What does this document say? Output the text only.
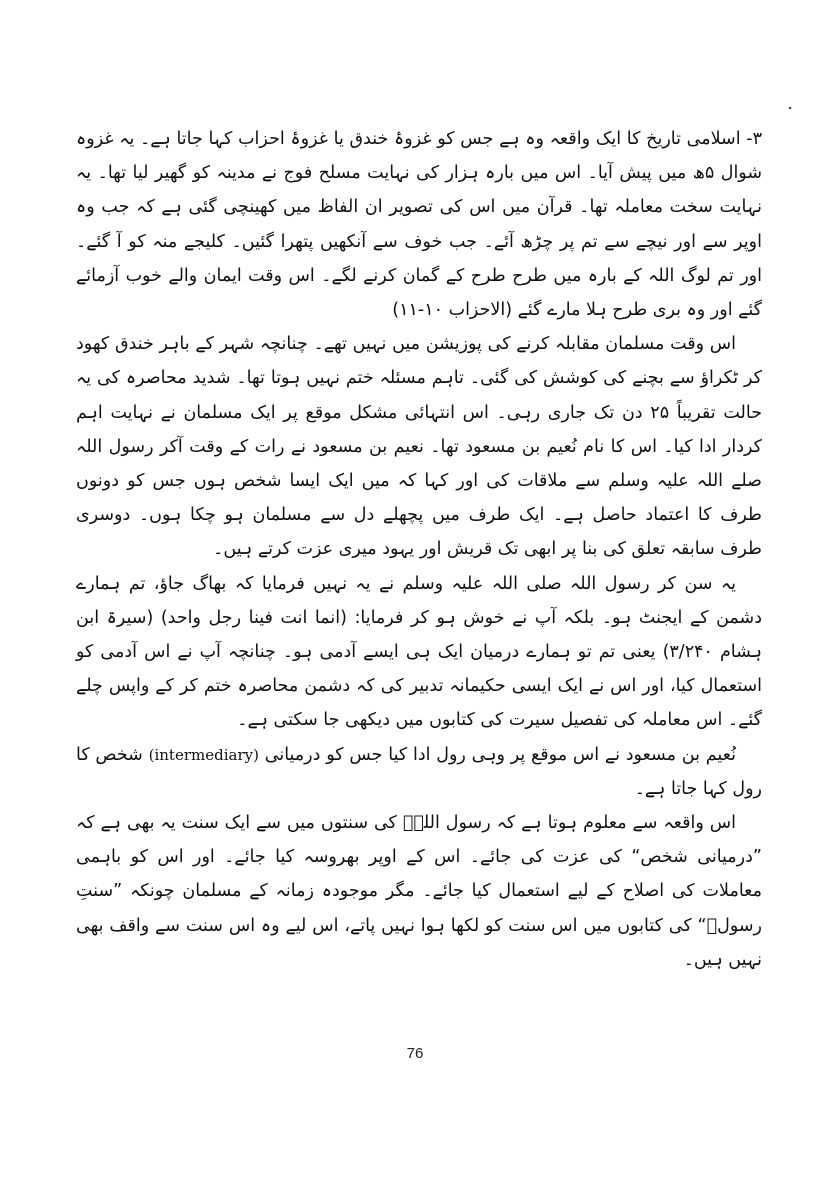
۳- اسلامی تاریخ کا ایک واقعہ وہ ہے جس کو غزوۂ خندق یا غزوۂ احزاب کہا جاتا ہے۔ یہ غزوہ شوال ۵ھ میں پیش آیا۔ اس میں بارہ ہزار کی نہایت مسلح فوج نے مدینہ کو گھیر لیا تھا۔ یہ نہایت سخت معاملہ تھا۔ قرآن میں اس کی تصویر ان الفاظ میں کھینچی گئی ہے کہ جب وہ اوپر سے اور نیچے سے تم پر چڑھ آئے۔ جب خوف سے آنکھیں پتھرا گئیں۔ کلیجے منہ کو آ گئے۔ اور تم لوگ اللہ کے بارہ میں طرح طرح کے گمان کرنے لگے۔ اس وقت ایمان والے خوب آزمائے گئے اور وہ بری طرح ہلا مارے گئے (الاحزاب ۱۰-۱۱)

اس وقت مسلمان مقابلہ کرنے کی پوزیشن میں نہیں تھے۔ چنانچہ شہر کے باہر خندق کھود کر ٹکراؤ سے بچنے کی کوشش کی گئی۔ تاہم مسئلہ ختم نہیں ہوتا تھا۔ شدید محاصرہ کی یہ حالت تقریباً ۲۵ دن تک جاری رہی۔ اس انتہائی مشکل موقع پر ایک مسلمان نے نہایت اہم کردار ادا کیا۔ اس کا نام نُعیم بن مسعود تھا۔ نعیم بن مسعود نے رات کے وقت آکر رسول اللہ صلے اللہ علیہ وسلم سے ملاقات کی اور کہا کہ میں ایک ایسا شخص ہوں جس کو دونوں طرف کا اعتماد حاصل ہے۔ ایک طرف میں پچھلے دل سے مسلمان ہو چکا ہوں۔ دوسری طرف سابقہ تعلق کی بنا پر ابھی تک قریش اور یہود میری عزت کرتے ہیں۔

یہ سن کر رسول اللہ صلی اللہ علیہ وسلم نے یہ نہیں فرمایا کہ بھاگ جاؤ، تم ہمارے دشمن کے ایجنٹ ہو۔ بلکہ آپ نے خوش ہو کر فرمایا: (انما انت فینا رجل واحد) (سیرۃ ابن ہشام ۳/۲۴۰) یعنی تم تو ہمارے درمیان ایک ہی ایسے آدمی ہو۔ چنانچہ آپ نے اس آدمی کو استعمال کیا، اور اس نے ایک ایسی حکیمانہ تدبیر کی کہ دشمن محاصرہ ختم کر کے واپس چلے گئے۔ اس معاملہ کی تفصیل سیرت کی کتابوں میں دیکھی جا سکتی ہے۔

نُعیم بن مسعود نے اس موقع پر وہی رول ادا کیا جس کو درمیانی (intermediary) شخص کا رول کہا جاتا ہے۔

اس واقعہ سے معلوم ہوتا ہے کہ رسول اللہؐ کی سنتوں میں سے ایک سنت یہ بھی ہے کہ ”درمیانی شخص“ کی عزت کی جائے۔ اس کے اوپر بھروسہ کیا جائے۔ اور اس کو باہمی معاملات کی اصلاح کے لیے استعمال کیا جائے۔ مگر موجودہ زمانہ کے مسلمان چونکہ ”سنتِ رسولؐ“ کی کتابوں میں اس سنت کو لکھا ہوا نہیں پاتے، اس لیے وہ اس سنت سے واقف بھی نہیں ہیں۔

76
